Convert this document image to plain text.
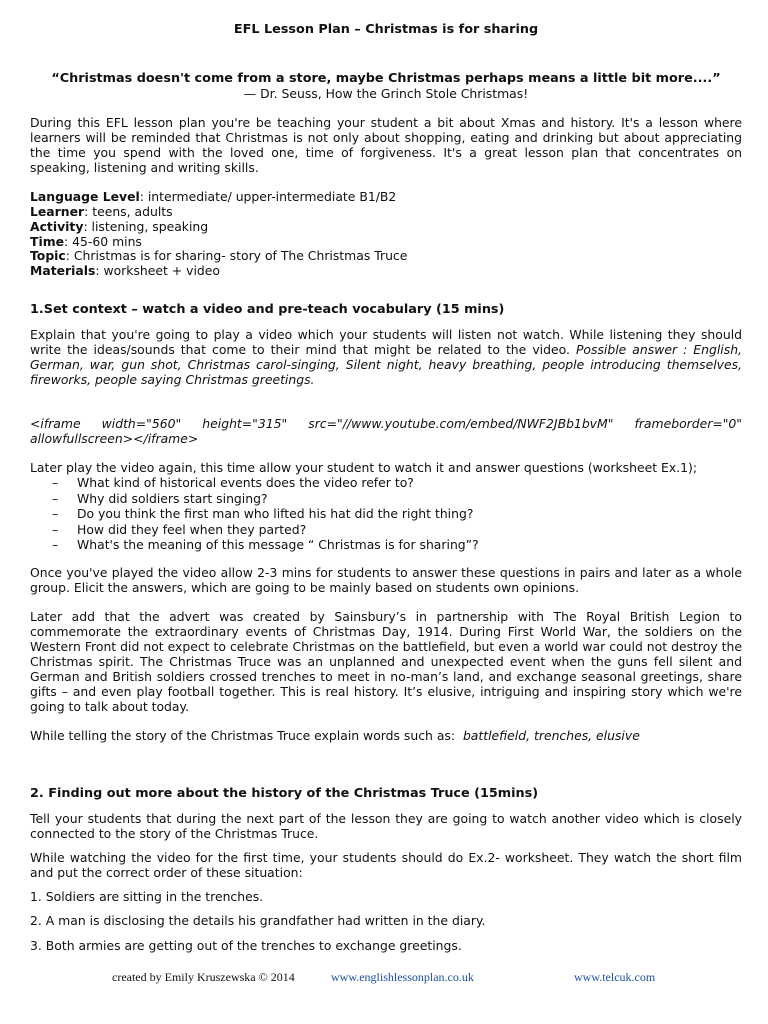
EFL Lesson Plan – Christmas is for sharing
“Christmas doesn't come from a store, maybe Christmas perhaps means a little bit more....”
— Dr. Seuss, How the Grinch Stole Christmas!
During this EFL lesson plan you're be teaching your student a bit about Xmas and history. It's a lesson where learners will be reminded that Christmas is not only about shopping, eating and drinking but about appreciating the time you spend with the loved one, time of forgiveness. It's a great lesson plan that concentrates on speaking, listening and writing skills.
Language Level: intermediate/ upper-intermediate B1/B2
Learner: teens, adults
Activity: listening, speaking
Time: 45-60 mins
Topic: Christmas is for sharing- story of The Christmas Truce
Materials: worksheet + video
1.Set context – watch a video and pre-teach vocabulary (15 mins)
Explain that you're going to play a video which your students will listen not watch. While listening they should write the ideas/sounds that come to their mind that might be related to the video. Possible answer : English, German, war, gun shot, Christmas carol-singing, Silent night, heavy breathing, people introducing themselves, fireworks, people saying Christmas greetings.
<iframe width="560" height="315" src="//www.youtube.com/embed/NWF2JBb1bvM" frameborder="0" allowfullscreen></iframe>
Later play the video again, this time allow your student to watch it and answer questions (worksheet Ex.1);
– What kind of historical events does the video refer to?
– Why did soldiers start singing?
– Do you think the first man who lifted his hat did the right thing?
– How did they feel when they parted?
– What's the meaning of this message “ Christmas is for sharing”?
Once you've played the video allow 2-3 mins for students to answer these questions in pairs and later as a whole group. Elicit the answers, which are going to be mainly based on students own opinions.
Later add that the advert was created by Sainsbury’s in partnership with The Royal British Legion to commemorate the extraordinary events of Christmas Day, 1914. During First World War, the soldiers on the Western Front did not expect to celebrate Christmas on the battlefield, but even a world war could not destroy the Christmas spirit. The Christmas Truce was an unplanned and unexpected event when the guns fell silent and German and British soldiers crossed trenches to meet in no-man’s land, and exchange seasonal greetings, share gifts – and even play football together. This is real history. It’s elusive, intriguing and inspiring story which we're going to talk about today.
While telling the story of the Christmas Truce explain words such as: battlefield, trenches, elusive
2. Finding out more about the history of the Christmas Truce (15mins)
Tell your students that during the next part of the lesson they are going to watch another video which is closely connected to the story of the Christmas Truce.
While watching the video for the first time, your students should do Ex.2- worksheet. They watch the short film and put the correct order of these situation:
1. Soldiers are sitting in the trenches.
2. A man is disclosing the details his grandfather had written in the diary.
3. Both armies are getting out of the trenches to exchange greetings.
created by Emily Kruszewska © 2014	www.englishlessonplan.co.uk	www.telcuk.com
